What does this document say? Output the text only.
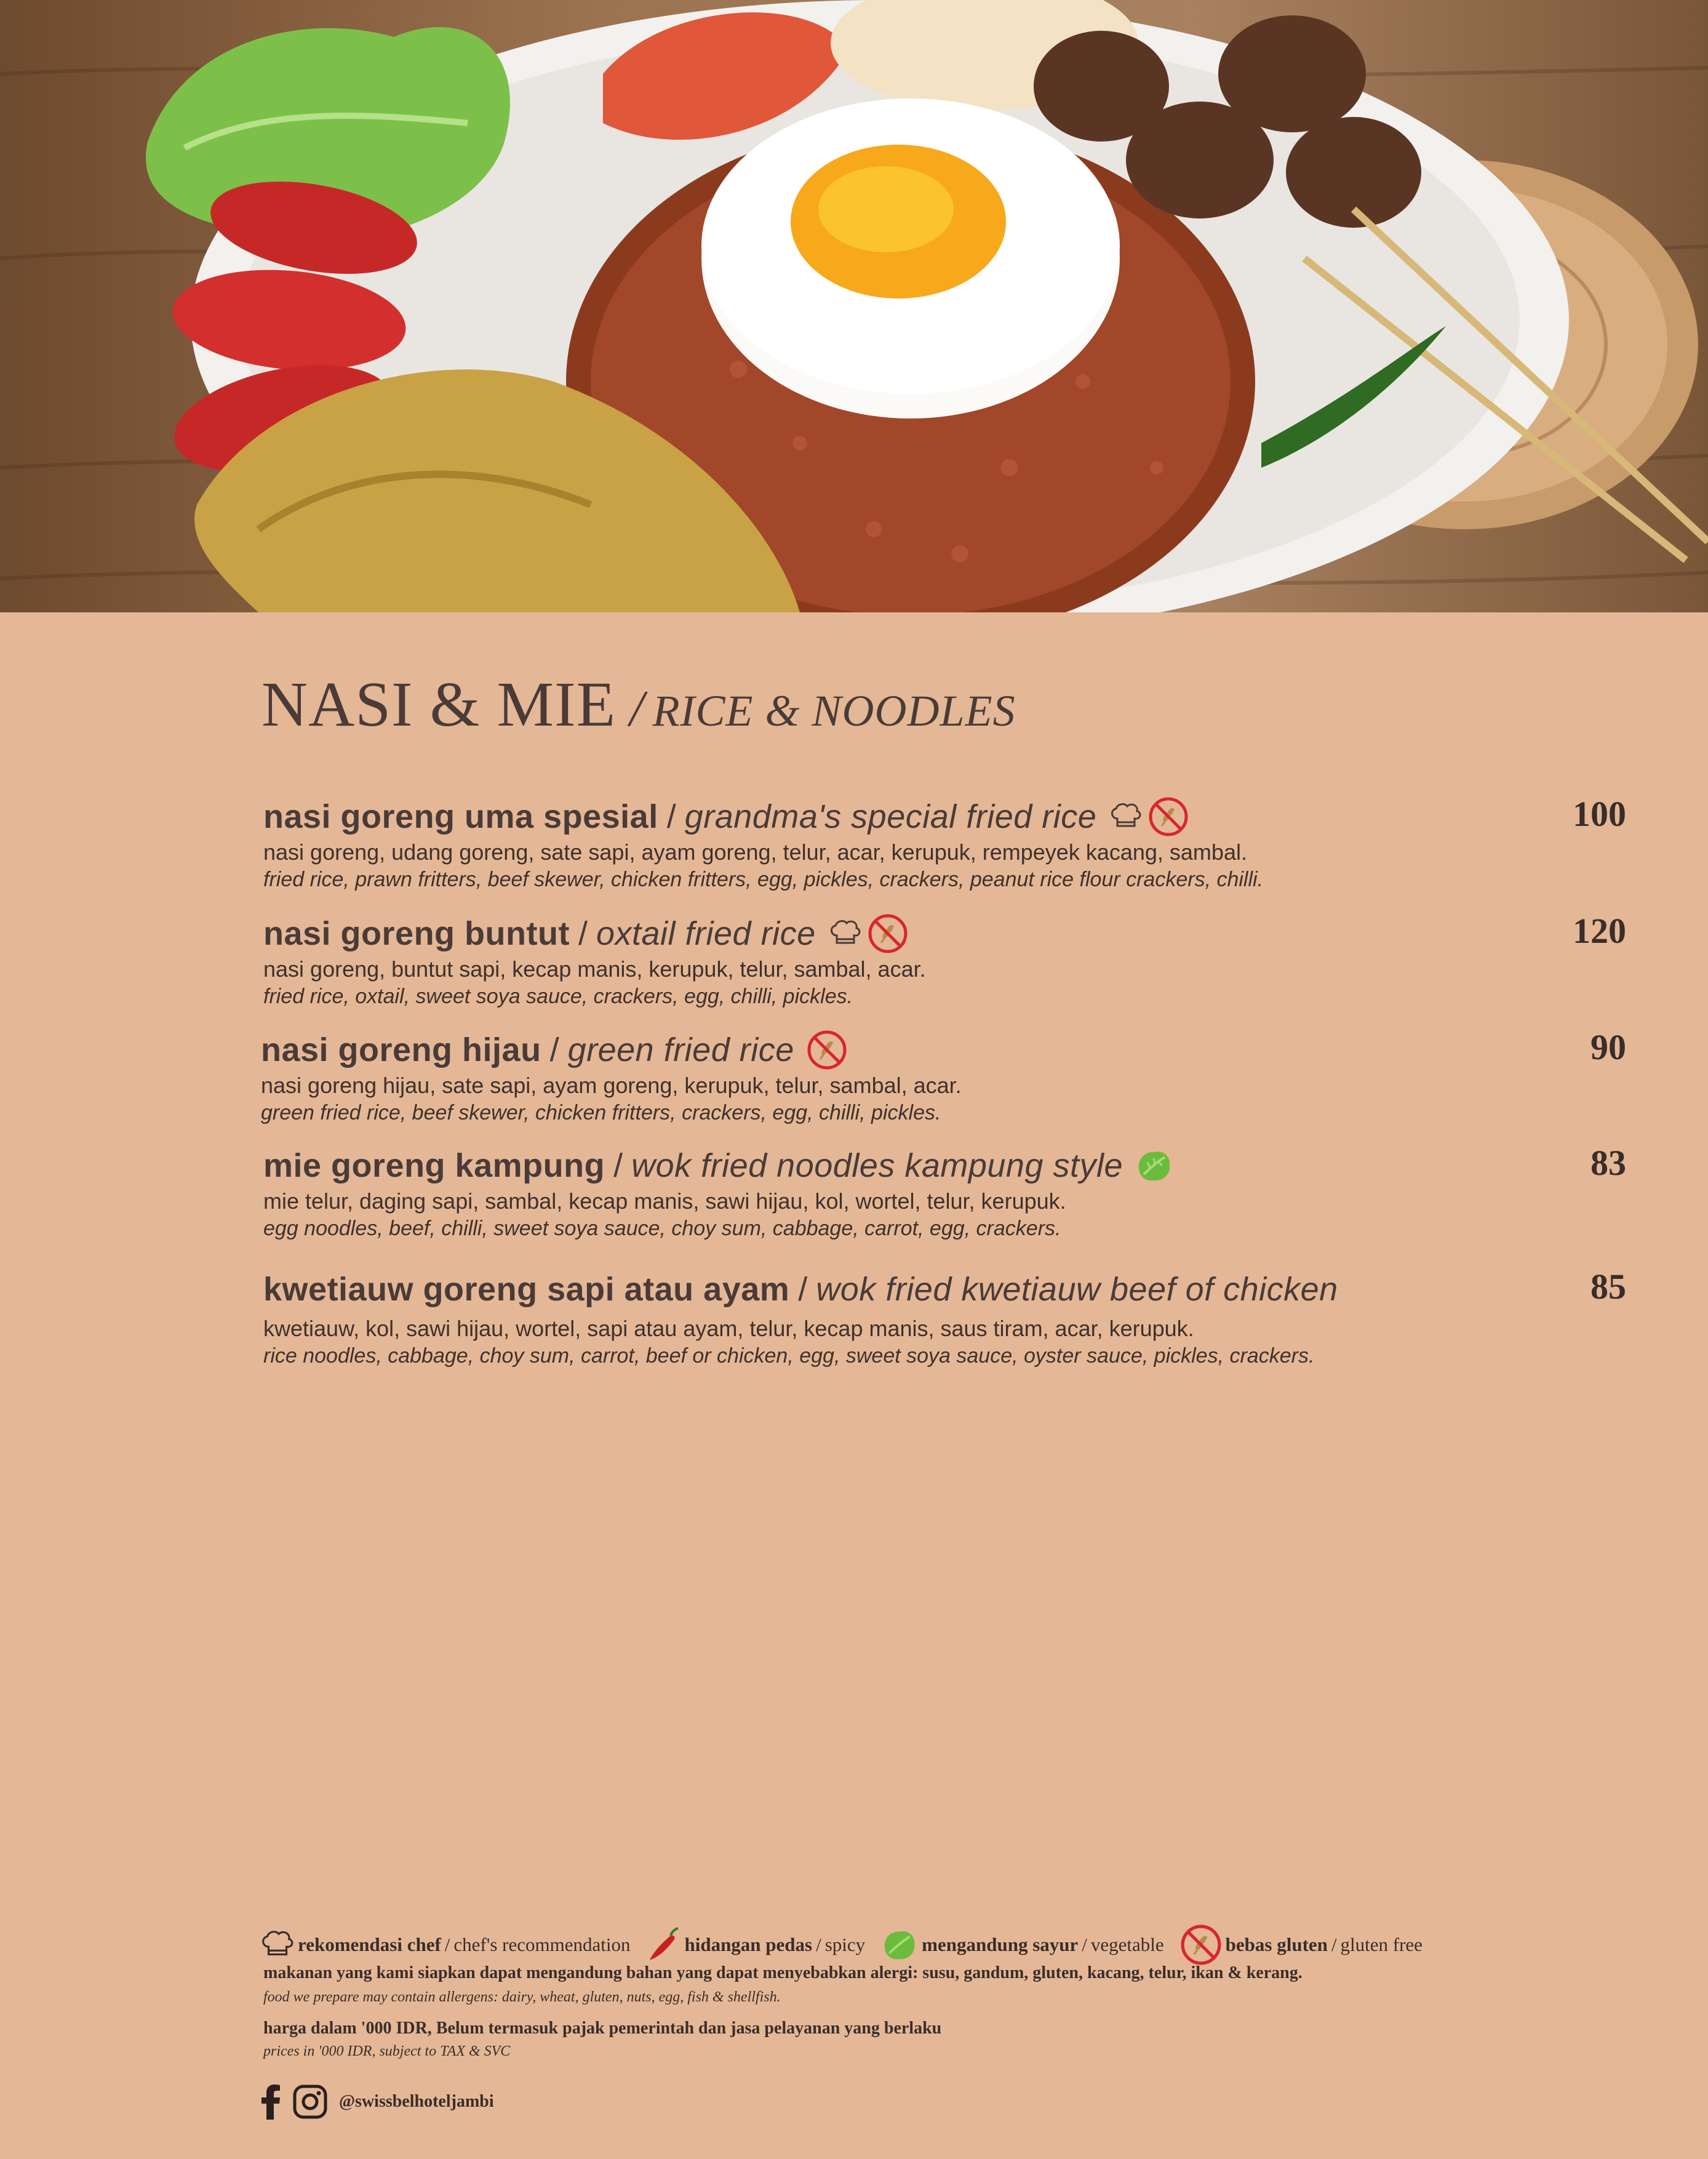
NASI & MIE / RICE & NOODLES
nasi goreng uma spesial / grandma's special fried rice	100
nasi goreng, udang goreng, sate sapi, ayam goreng, telur, acar, kerupuk, rempeyek kacang, sambal.
fried rice, prawn fritters, beef skewer, chicken fritters, egg, pickles, crackers, peanut rice flour crackers, chilli.
nasi goreng buntut / oxtail fried rice	120
nasi goreng, buntut sapi, kecap manis, kerupuk, telur, sambal, acar.
fried rice, oxtail, sweet soya sauce, crackers, egg, chilli, pickles.
nasi goreng hijau / green fried rice	90
nasi goreng hijau, sate sapi, ayam goreng, kerupuk, telur, sambal, acar.
green fried rice, beef skewer, chicken fritters, crackers, egg, chilli, pickles.
mie goreng kampung / wok fried noodles kampung style	83
mie telur, daging sapi, sambal, kecap manis, sawi hijau, kol, wortel, telur, kerupuk.
egg noodles, beef, chilli, sweet soya sauce, choy sum, cabbage, carrot, egg, crackers.
kwetiauw goreng sapi atau ayam / wok fried kwetiauw beef of chicken	85
kwetiauw, kol, sawi hijau, wortel, sapi atau ayam, telur, kecap manis, saus tiram, acar, kerupuk.
rice noodles, cabbage, choy sum, carrot, beef or chicken, egg, sweet soya sauce, oyster sauce, pickles, crackers.
rekomendasi chef / chef's recommendation	hidangan pedas / spicy	mengandung sayur / vegetable	bebas gluten / gluten free
makanan yang kami siapkan dapat mengandung bahan yang dapat menyebabkan alergi: susu, gandum, gluten, kacang, telur, ikan & kerang.
food we prepare may contain allergens: dairy, wheat, gluten, nuts, egg, fish & shellfish.
harga dalam '000 IDR, Belum termasuk pajak pemerintah dan jasa pelayanan yang berlaku
prices in '000 IDR, subject to TAX & SVC
@swissbelhoteljambi
